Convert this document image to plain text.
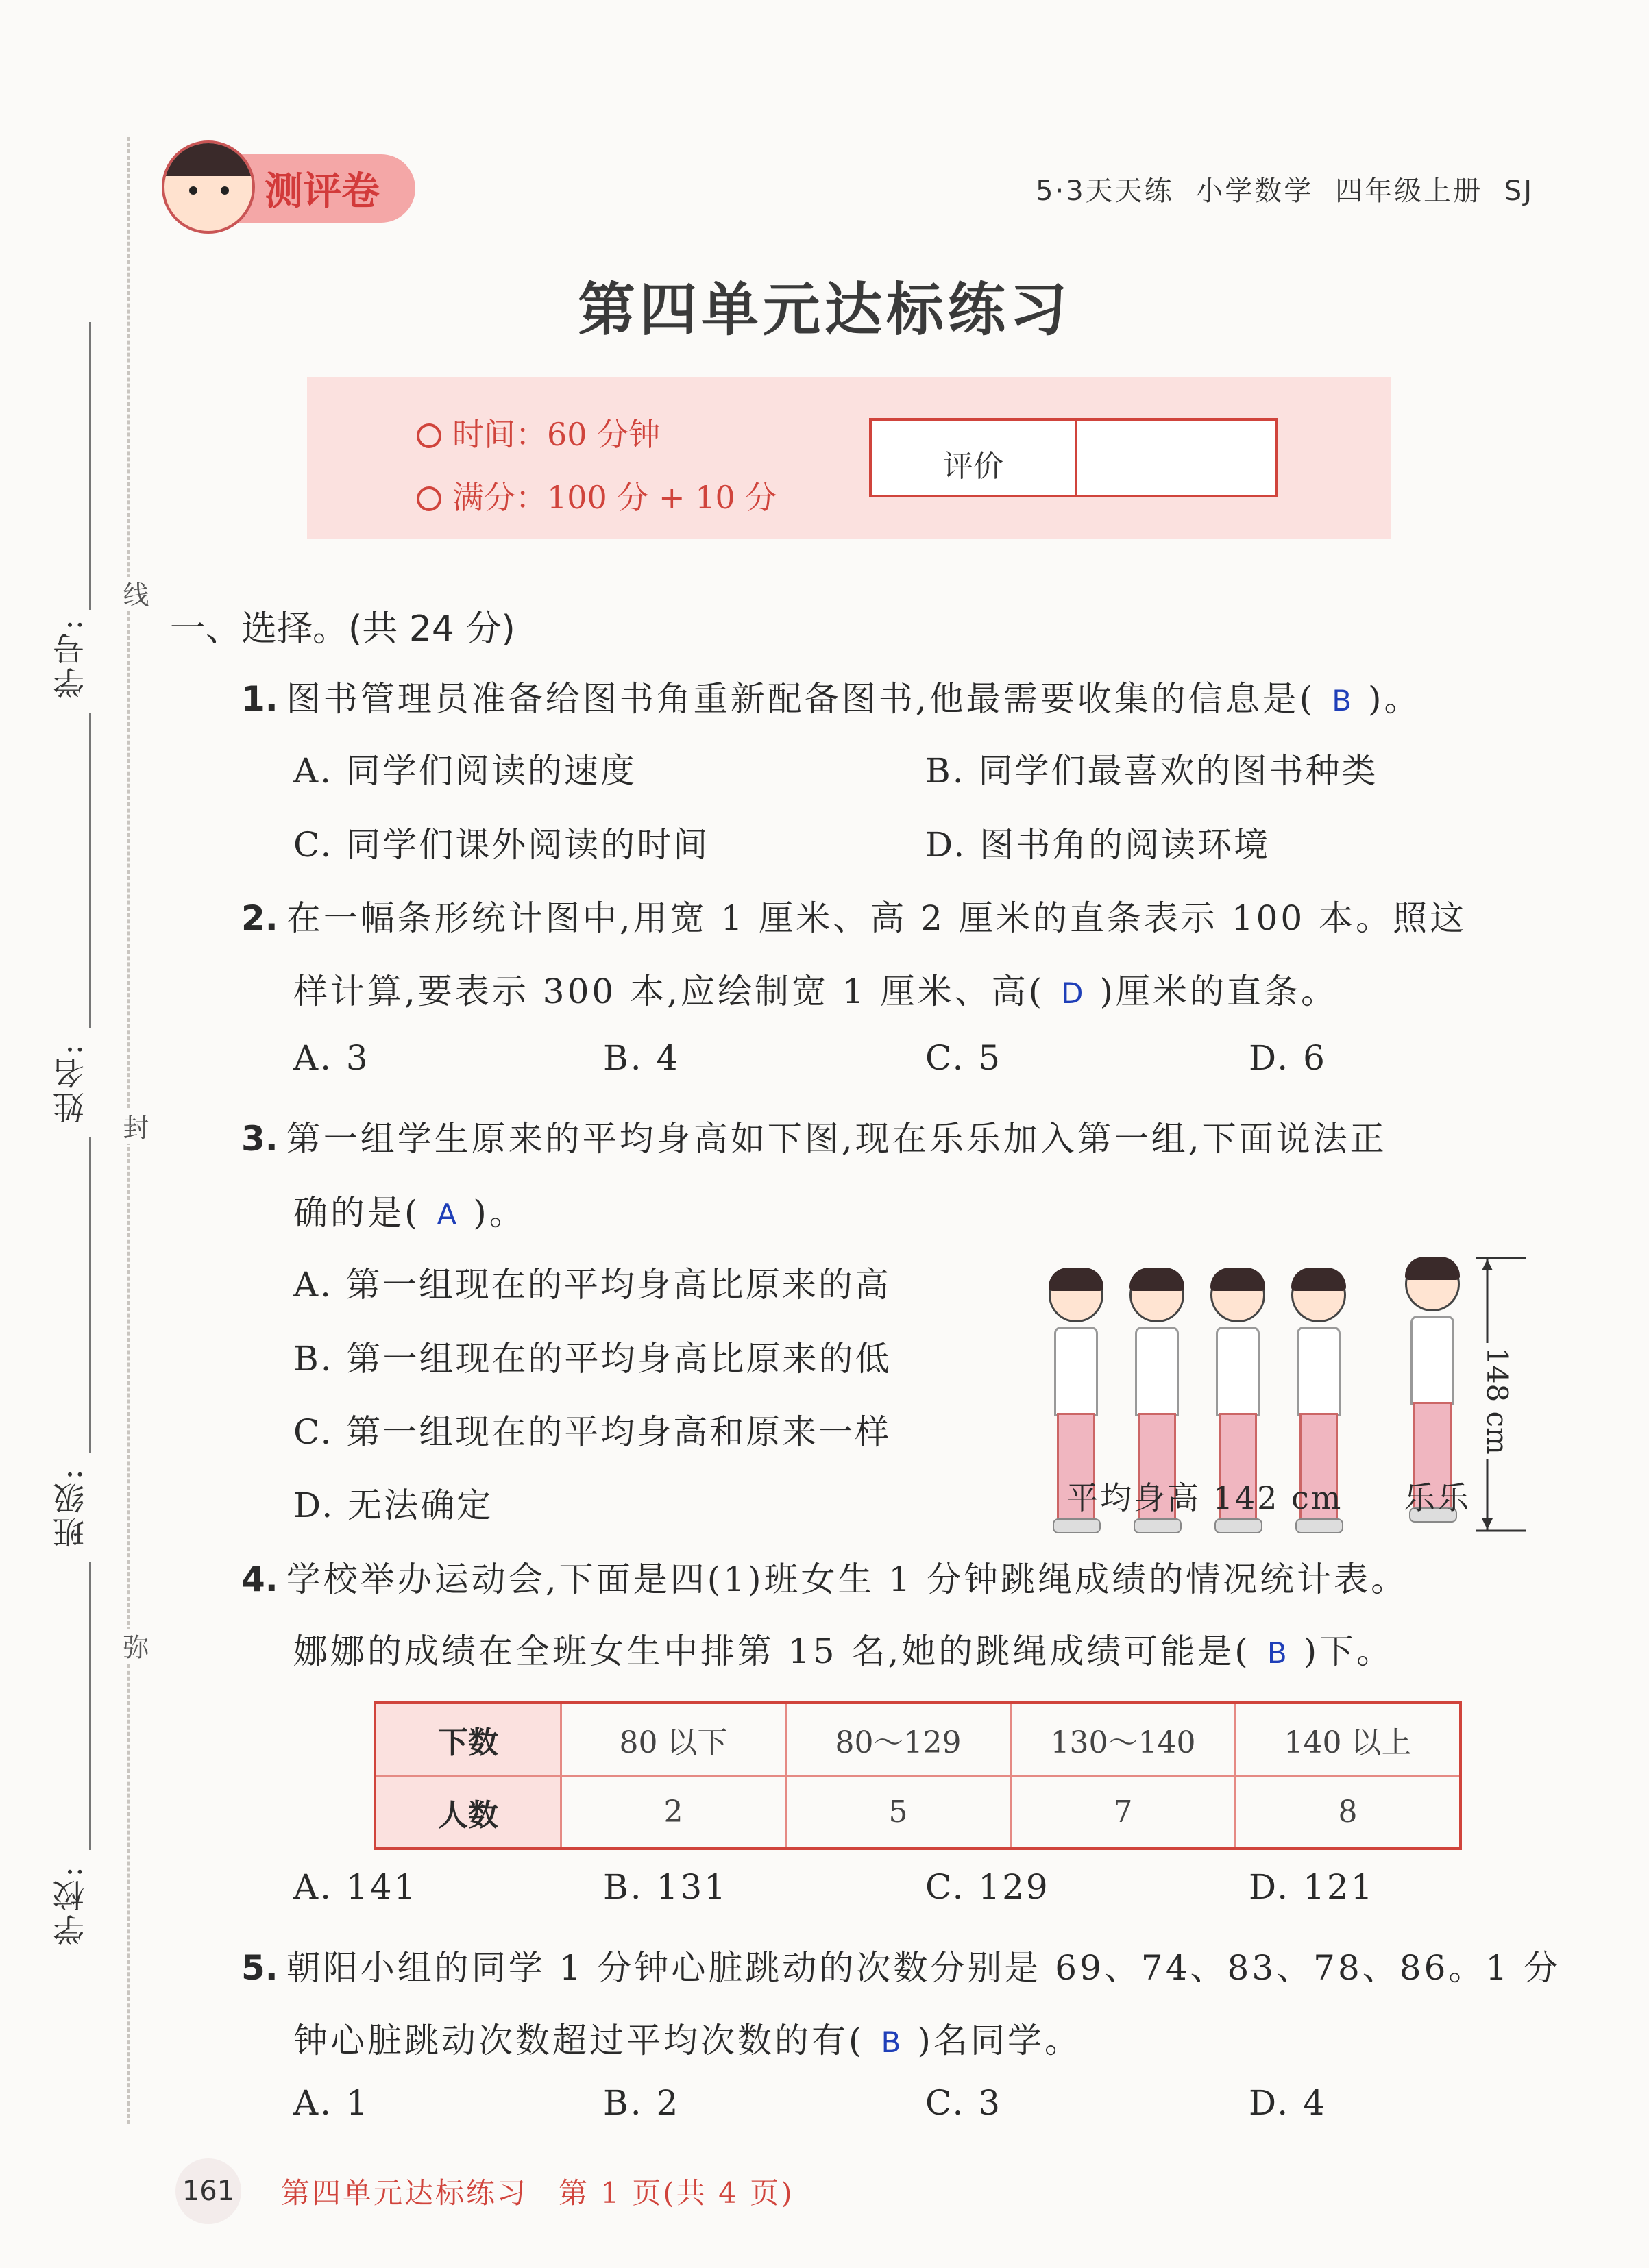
学号:
姓名:
班级:
学校:
线
封
弥
测评卷	5·3天天练 小学数学 四年级上册 SJ
第四单元达标练习
时间：60 分钟
满分：100 分 + 10 分
评价
一、选择。(共 24 分)
1. 图书管理员准备给图书角重新配备图书,他最需要收集的信息是( B )。
A. 同学们阅读的速度	B. 同学们最喜欢的图书种类
C. 同学们课外阅读的时间	D. 图书角的阅读环境
2. 在一幅条形统计图中,用宽 1 厘米、高 2 厘米的直条表示 100 本。照这
样计算,要表示 300 本,应绘制宽 1 厘米、高( D )厘米的直条。
A. 3	B. 4	C. 5	D. 6
3. 第一组学生原来的平均身高如下图,现在乐乐加入第一组,下面说法正
确的是( A )。
A. 第一组现在的平均身高比原来的高
B. 第一组现在的平均身高比原来的低
C. 第一组现在的平均身高和原来一样
D. 无法确定
148 cm
平均身高 142 cm 乐乐
4. 学校举办运动会,下面是四(1)班女生 1 分钟跳绳成绩的情况统计表。
娜娜的成绩在全班女生中排第 15 名,她的跳绳成绩可能是( B )下。
下数	80 以下	80～129	130～140	140 以上
人数	2	5	7	8
A. 141	B. 131	C. 129	D. 121
5. 朝阳小组的同学 1 分钟心脏跳动的次数分别是 69、74、83、78、86。1 分
钟心脏跳动次数超过平均次数的有( B )名同学。
A. 1	B. 2	C. 3	D. 4
161 第四单元达标练习　第 1 页(共 4 页)
